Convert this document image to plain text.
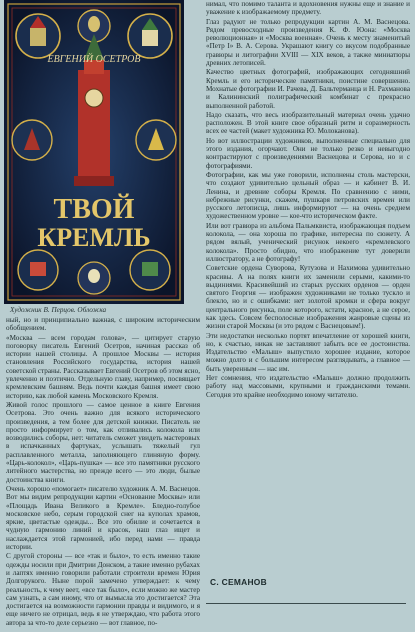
ЕВГЕНИЙ ОСЕТРОВ
ТВОЙ
КРЕМЛЬ
Художник В. Перцов. Обложка

ный, но и принципиально важная, с широким историческим обобщением.

«Москва — всем городам голова», — цитирует старую поговорку писатель Евгений Осетров, начиная рассказ об истории нашей столицы. А прошлое Москвы — история становления Российского государства, история нашей советской страны. Рассказывает Евгений Осетров об этом ясно, увлеченно и поэтично. Отдельную главу, например, посвящает кремлевским башням. Ведь почти каждая башня имеет свою историю, как любой камень Московского Кремля.

Живой голос прошлого — самое ценное в книге Евгения Осетрова. Это очень важно для всякого исторического произведения, а тем более для детской книжки. Писатель не просто информирует о том, как отливались колокола или возводились соборы, нет: читатель сможет увидеть мастеровых в испачканных фартуках, услышать тяжелый гул расплавленного металла, заполняющего глиняную форму. «Царь-колокол», «Царь-пушка» — все это памятники русского литейного мастерства, но прежде всего — это люди, былые достоинства книги.

Очень хорошо «помогает» писателю художник А. М. Васнецов. Вот мы видим репродукции картин «Основание Москвы» или «Площадь Ивана Великого в Кремле». Бледно-голубое московское небо, серым городской снег на куполах храмов, яркие, цветастые одежды... Все это обилие и сочетается в чудную гармонию линий и красок, наш глаз ищет и наслаждается этой гармонией, ибо перед нами — правда истории.

С другой стороны — все «так и было», то есть именно такие одежды носили при Дмитрии Донском, а такие именно рубахах и лаптях именно говорили работали строители времен Юрия Долгорукого. Ныне порой замечено утверждает: к чему реальность, к чему веет, «все так было», если можно же мастер сам узнать, а сам иному, что от вымысла это достигается? Эта достигается на возможности гармонии правды и видимого, и я еще ничего не отрицал, ведь я не утверждаю, что работа этого автора за что-то деле серьезно — вот главное, по-

нимал, что помимо таланта и вдохновения нужны еще и знание и уважение к изображаемому предмету.

Глаз радуют не только репродукции картин А. М. Васнецова. Рядом превосходные произведения К. Ф. Юона: «Москва революционная» и «Москва военная». Очень к месту знаменитый «Петр I» В. А. Серова. Украшают книгу со вкусом подобранные гравюры и литографии XVIII — XIX веков, а также миниатюры древних летописей.

Качество цветных фотографий, изображающих сегодняшний Кремль и его исторические памятники, поистине совершенно. Мохнатые фотографии И. Рачева, Д. Бальтерманца и Н. Рахманова и Калининский полиграфический комбинат с прекрасно выполненной работой.

Надо сказать, что весь изобразительный материал очень удачно расположен. В этой книге свое образный ритм и соразмерность всех ее частей (макет художника Ю. Молоканова).

Но вот иллюстрации художников, выполненные специально для этого издания, огорчают. Они не только резко и невыгодно контрастируют с произведениями Васнецова и Серова, но и с фотографиями.

Фотографии, как мы уже говорили, исполнены столь мастерски, что создают удивительно цельный образ — и кабинет В. И. Ленина, и древние соборы Кремля. По сравнению с ними, небрежные рисунки, скажем, пушкаря петровских времен или русского летописца, лишь информируют — на очень среднем художественном уровне — кое-что историческом факте.

Или вот гравюра из альбома Пальмквиста, изображающая подъем колокола, — она хороша по графике, интересна по сюжету. А рядом вялый, ученический рисунок некоего «кремлевского колокола». Просто обидно, что изображение тут доверили иллюстратору, а не фотографу!

Советские ордена Суворова, Кутузова и Нахимова удивительно красивы. А на полях книги их заменили серыми, какими-то выдиниями. Красивейший из старых русских орденов — орден святого Георгия — изображен художниками не только тускло и блекло, но и с ошибками: нет золотой кромки и сфера вокруг центрального рисунка, поле которого, кстати, красное, а не серое, как здесь. Совсем бесполосные изображения жанровые сцены из жизни старой Москвы (и это рядом с Васнецовым!).

Эти недостатки несколько портят впечатление от хорошей книги, но, к счастью, никак не заставляют забыть все ее достоинства. Издательство «Малыш» выпустило хорошее издание, которое можно долго и с большим интересом разглядывать, а главное — быть уверенным — нас им.

Нет сомнения, что издательство «Малыш» должно продолжить работу над массовыми, крупными и гражданскими темами. Сегодня это крайне необходимо юному читателю.

С. СЕМАНОВ
